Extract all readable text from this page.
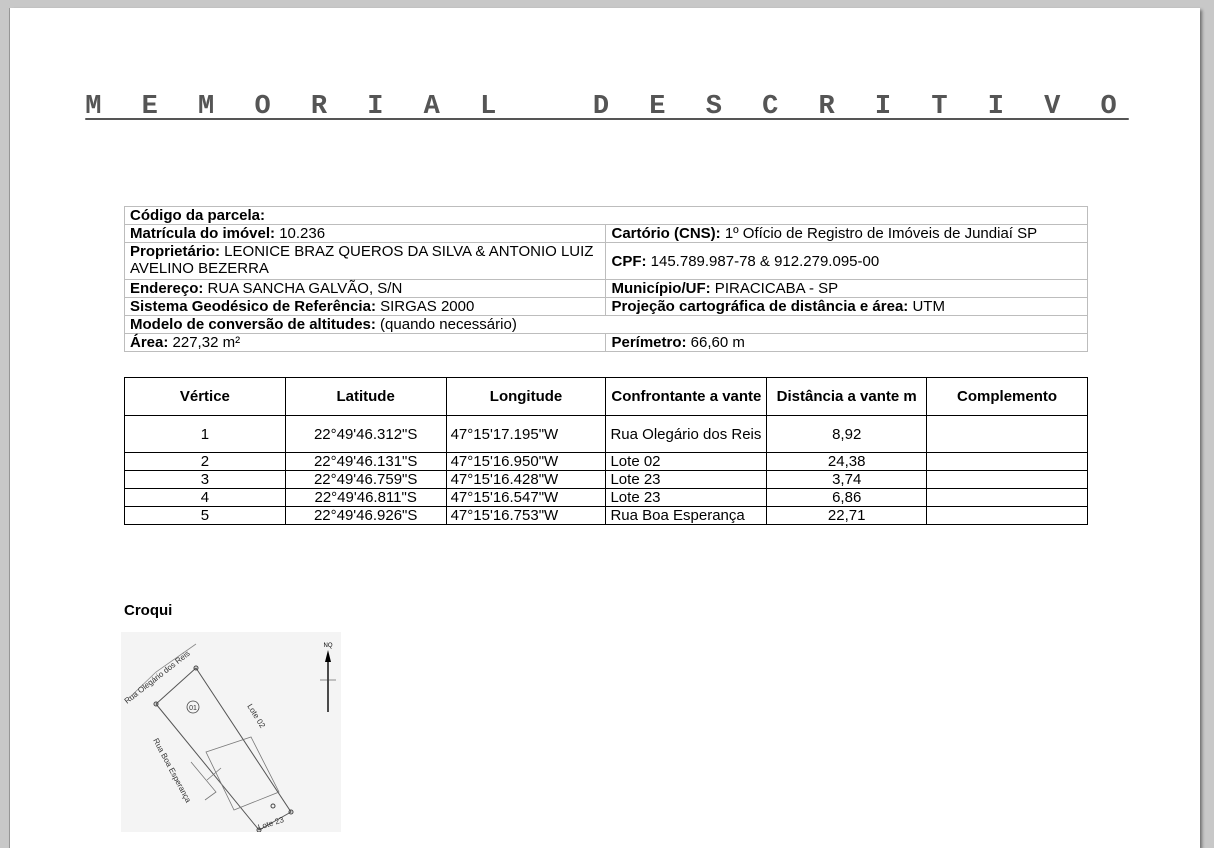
M E M O R I A L   D E S C R I T I V O
Código da parcela:	
Matrícula do imóvel: 10.236	Cartório (CNS): 1º Ofício de Registro de Imóveis de Jundiaí SP
Proprietário: LEONICE BRAZ QUEROS DA SILVA & ANTONIO LUIZ AVELINO BEZERRA	CPF: 145.789.987-78 & 912.279.095-00
Endereço: RUA SANCHA GALVÃO, S/N	Município/UF: PIRACICABA - SP
Sistema Geodésico de Referência: SIRGAS 2000	Projeção cartográfica de distância e área: UTM
Modelo de conversão de altitudes: (quando necessário)	
Área: 227,32 m²	Perímetro: 66,60 m
Vértice	Latitude	Longitude	Confrontante a vante	Distância a vante m	Complemento
1	22°49'46.312"S	47°15'17.195"W	Rua Olegário dos Reis	8,92	
2	22°49'46.131"S	47°15'16.950"W	Lote 02	24,38	
3	22°49'46.759"S	47°15'16.428"W	Lote 23	3,74	
4	22°49'46.811"S	47°15'16.547"W	Lote 23	6,86	
5	22°49'46.926"S	47°15'16.753"W	Rua Boa Esperança	22,71	
Croqui
01
Rua Olegário dos Reis
Rua Boa Esperança
Lote 02
Lote 23
NQ
